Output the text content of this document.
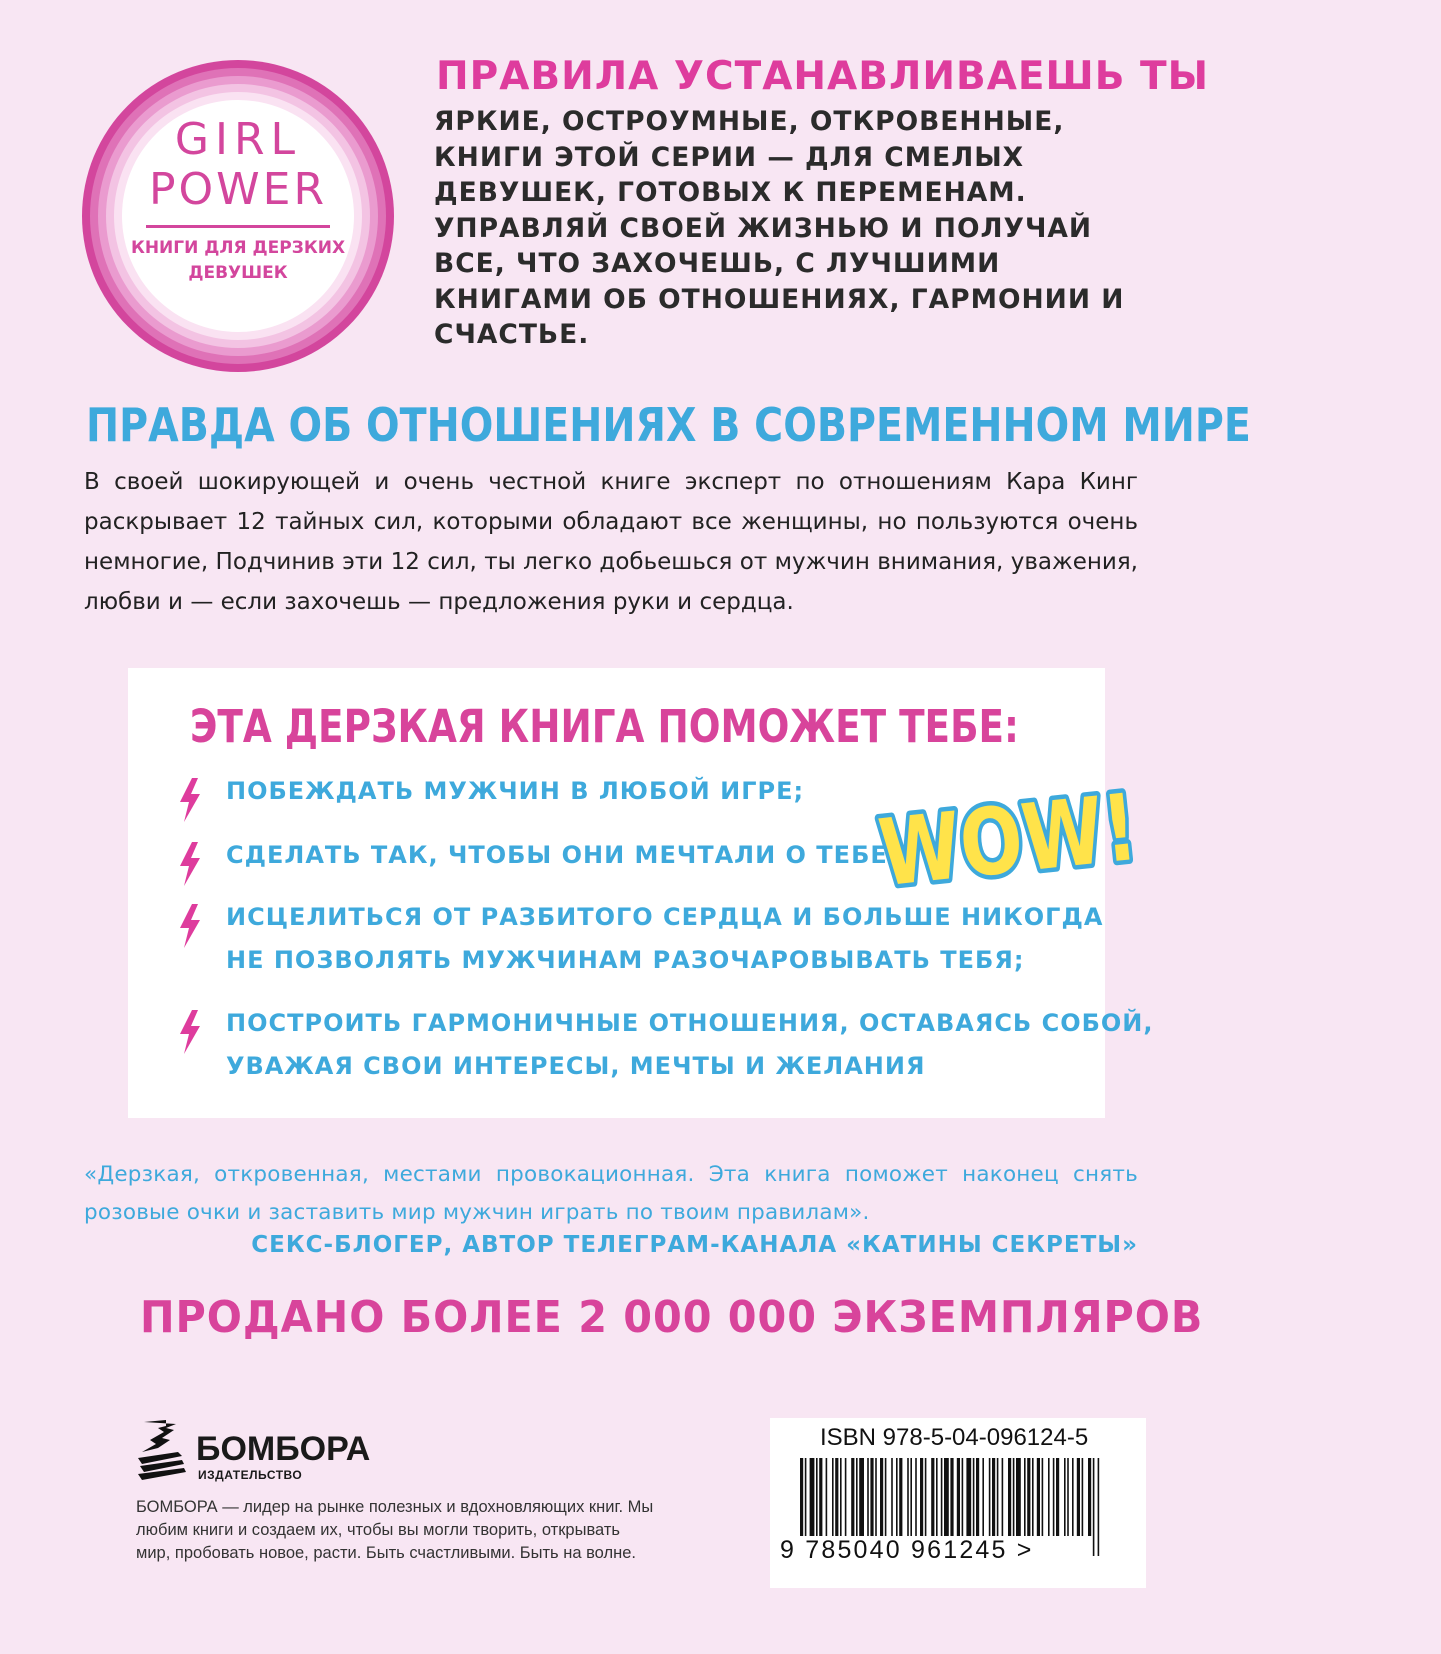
GIRL
POWER
КНИГИ ДЛЯ ДЕРЗКИХ
ДЕВУШЕК
ПРАВИЛА УСТАНАВЛИВАЕШЬ ТЫ
ЯРКИЕ, ОСТРОУМНЫЕ, ОТКРОВЕННЫЕ, КНИГИ ЭТОЙ СЕРИИ — ДЛЯ СМЕЛЫХ ДЕВУШЕК, ГОТОВЫХ К ПЕРЕМЕНАМ. УПРАВЛЯЙ СВОЕЙ ЖИЗНЬЮ И ПОЛУЧАЙ ВСЕ, ЧТО ЗАХОЧЕШЬ, С ЛУЧШИМИ КНИГАМИ ОБ ОТНОШЕНИЯХ, ГАРМОНИИ И СЧАСТЬЕ.
ПРАВДА ОБ ОТНОШЕНИЯХ В СОВРЕМЕННОМ МИРЕ
В своей шокирующей и очень честной книге эксперт по отношениям Кара Кинг раскрывает 12 тайных сил, которыми обладают все женщины, но пользуются очень немногие, Подчинив эти 12 сил, ты легко добьешься от мужчин внимания, уважения, любви и — если захочешь — предложения руки и сердца.
ЭТА ДЕРЗКАЯ КНИГА ПОМОЖЕТ ТЕБЕ:
ПОБЕЖДАТЬ МУЖЧИН В ЛЮБОЙ ИГРЕ;
СДЕЛАТЬ ТАК, ЧТОБЫ ОНИ МЕЧТАЛИ О ТЕБЕ;
ИСЦЕЛИТЬСЯ ОТ РАЗБИТОГО СЕРДЦА И БОЛЬШЕ НИКОГДА
НЕ ПОЗВОЛЯТЬ МУЖЧИНАМ РАЗОЧАРОВЫВАТЬ ТЕБЯ;
ПОСТРОИТЬ ГАРМОНИЧНЫЕ ОТНОШЕНИЯ, ОСТАВАЯСЬ СОБОЙ,
УВАЖАЯ СВОИ ИНТЕРЕСЫ, МЕЧТЫ И ЖЕЛАНИЯ
WOW!
«Дерзкая, откровенная, местами провокационная. Эта книга поможет наконец снять розовые очки и заставить мир мужчин играть по твоим правилам».
СЕКС-БЛОГЕР, АВТОР ТЕЛЕГРАМ-КАНАЛА «КАТИНЫ СЕКРЕТЫ»
ПРОДАНО БОЛЕЕ 2 000 000 ЭКЗЕМПЛЯРОВ
БОМБОРА
ИЗДАТЕЛЬСТВО
БОМБОРА — лидер на рынке полезных и вдохновляющих книг. Мы любим книги и создаем их, чтобы вы могли творить, открывать мир, пробовать новое, расти. Быть счастливыми. Быть на волне.
ISBN 978-5-04-096124-5
9 785040 961245 >
